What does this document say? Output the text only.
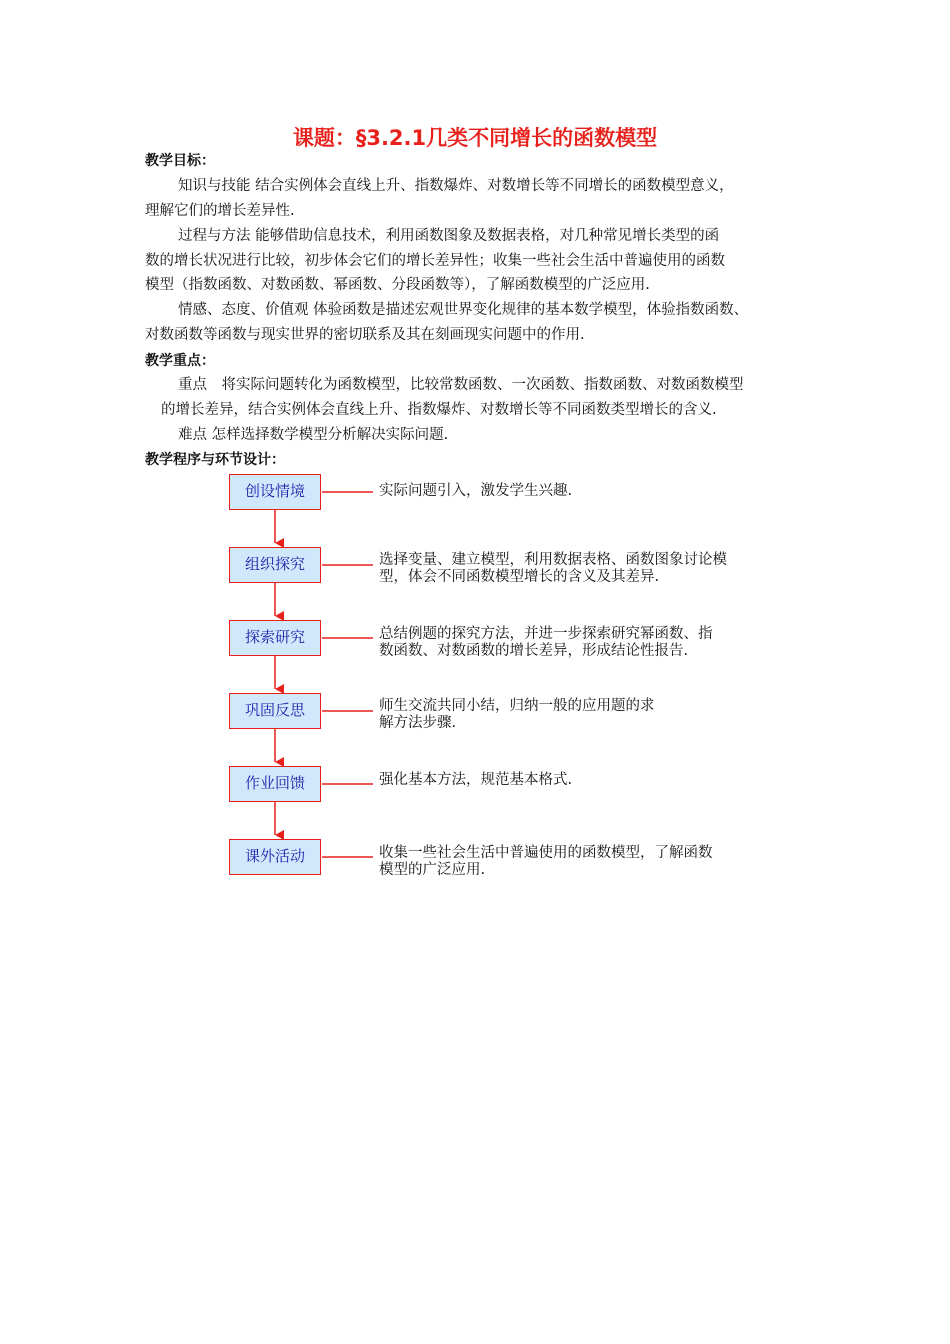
课题：§3.2.1几类不同增长的函数模型
教学目标：
知识与技能 结合实例体会直线上升、指数爆炸、对数增长等不同增长的函数模型意义，
理解它们的增长差异性.
过程与方法 能够借助信息技术，利用函数图象及数据表格，对几种常见增长类型的函
数的增长状况进行比较，初步体会它们的增长差异性；收集一些社会生活中普遍使用的函数
模型（指数函数、对数函数、幂函数、分段函数等），了解函数模型的广泛应用.
情感、态度、价值观 体验函数是描述宏观世界变化规律的基本数学模型，体验指数函数、
对数函数等函数与现实世界的密切联系及其在刻画现实问题中的作用.
教学重点：
重点　将实际问题转化为函数模型，比较常数函数、一次函数、指数函数、对数函数模型
的增长差异，结合实例体会直线上升、指数爆炸、对数增长等不同函数类型增长的含义.
难点 怎样选择数学模型分析解决实际问题.
教学程序与环节设计：
创设情境	实际问题引入，激发学生兴趣.
组织探究	选择变量、建立模型，利用数据表格、函数图象讨论模
型，体会不同函数模型增长的含义及其差异.
探索研究	总结例题的探究方法，并进一步探索研究幂函数、指
数函数、对数函数的增长差异，形成结论性报告.
巩固反思	师生交流共同小结，归纳一般的应用题的求
解方法步骤.
作业回馈	强化基本方法，规范基本格式.
课外活动	收集一些社会生活中普遍使用的函数模型，了解函数
模型的广泛应用.
